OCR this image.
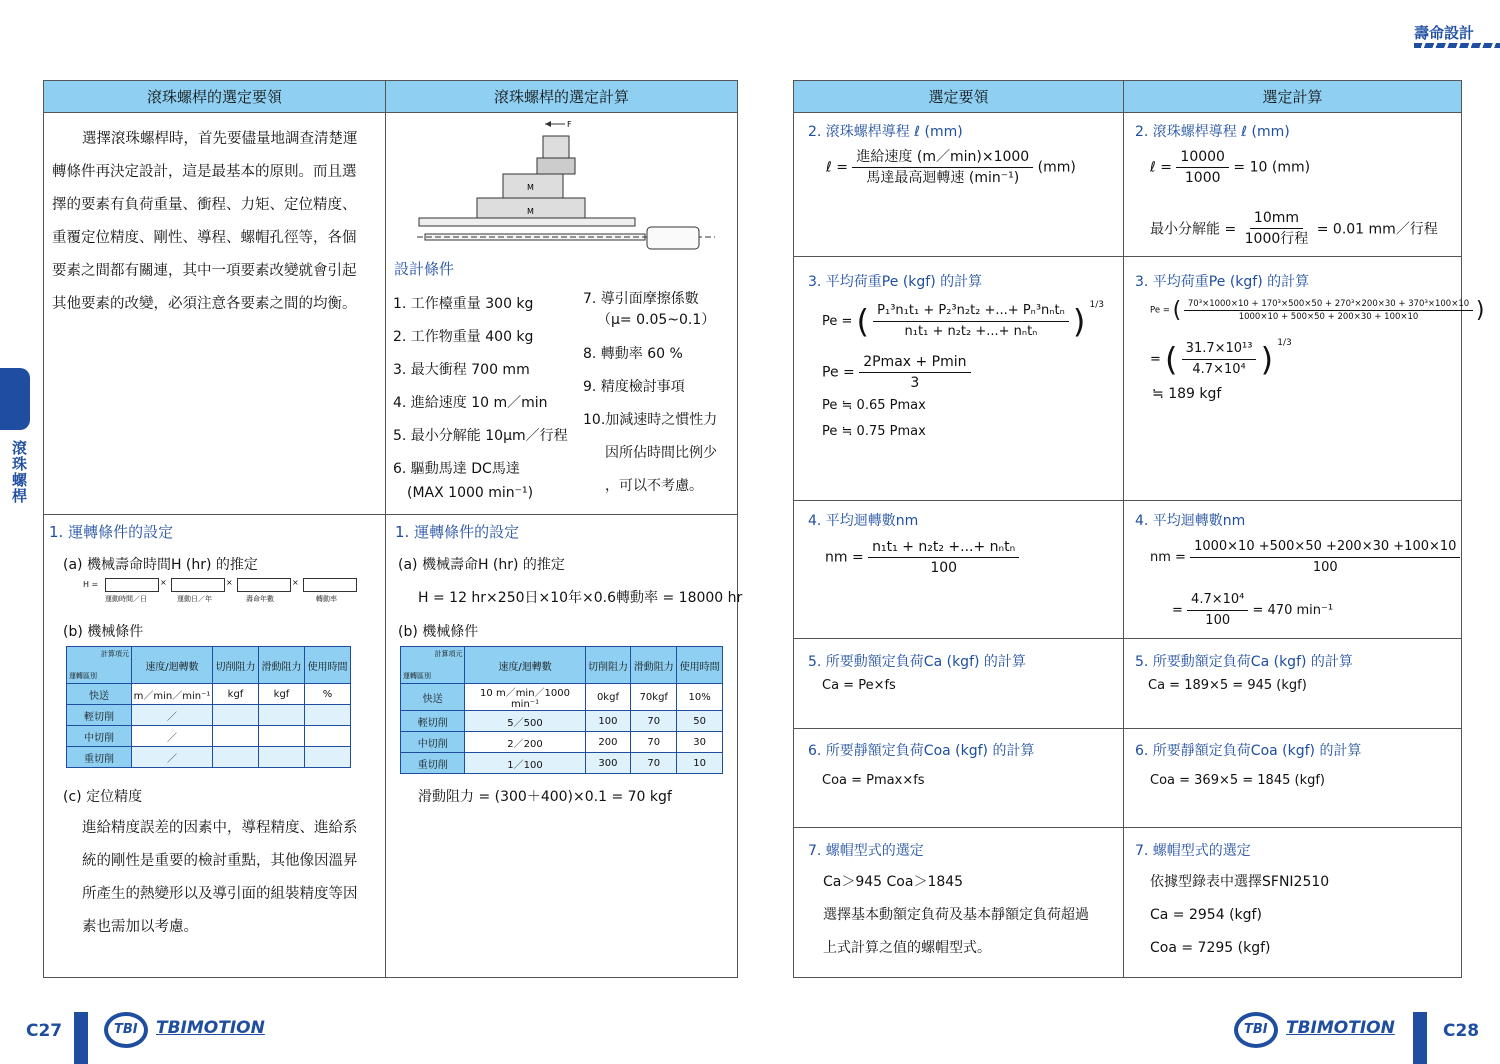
壽命設計
滾珠螺桿
滾珠螺桿的選定要領	滾珠螺桿的選定計算
選擇滾珠螺桿時，首先要儘量地調查清楚運
轉條件再決定設計，這是最基本的原則。而且選
擇的要素有負荷重量、衝程、力矩、定位精度、
重覆定位精度、剛性、導程、螺帽孔徑等，各個
要素之間都有關連，其中一項要素改變就會引起
其他要素的改變，必須注意各要素之間的均衡。
F
M
M
設計條件
1. 工作檯重量 300 kg
2. 工作物重量 400 kg
3. 最大衝程 700 mm
4. 進給速度 10 m／min
5. 最小分解能 10μm／行程
6. 驅動馬達 DC馬達
(MAX 1000 min⁻¹)
7. 導引面摩擦係數
（μ= 0.05~0.1）
8. 轉動率 60 %
9. 精度檢討事項
10.加減速時之慣性力
因所佔時間比例少
，可以不考慮。
1. 運轉條件的設定
(a) 機械壽命時間H (hr) 的推定
H =	×	×	×
運動時間／日	運動日／年	壽命年數	轉動率
(b) 機械條件
計算項元
運轉區別	速度/迴轉數	切削阻力	滑動阻力	使用時間
快送	m／min／min⁻¹	kgf	kgf	%
輕切削	／			
中切削	／			
重切削	／			
(c) 定位精度
進給精度誤差的因素中，導程精度、進給系
統的剛性是重要的檢討重點，其他像因溫昇
所產生的熱變形以及導引面的組裝精度等因
素也需加以考慮。
1. 運轉條件的設定
(a) 機械壽命H (hr) 的推定
H = 12 hr×250日×10年×0.6轉動率 = 18000 hr
(b) 機械條件
計算項元
運轉區別	速度/迴轉數	切削阻力	滑動阻力	使用時間
快送	10 m／min／1000 min⁻¹	0kgf	70kgf	10%
輕切削	5／500	100	70	50
中切削	2／200	200	70	30
重切削	1／100	300	70	10
滑動阻力 = (300＋400)×0.1 = 70 kgf
選定要領	選定計算
2. 滾珠螺桿導程 ℓ (mm)
ℓ = $\frac{\text{進給速度 (m／min)×1000}}{\text{馬達最高迴轉速 (min⁻¹)}} (mm)$
2. 滾珠螺桿導程 ℓ (mm)
ℓ = $\frac{10000}{1000} = 10$ (mm)
最小分解能 = $\frac{10mm}{\text{1000行程}} = 0.01$ mm／行程
3. 平均荷重Pe (kgf) 的計算
Pe = ( $\frac{\text{P₁³n₁t₁ + P₂³n₂t₂ +...+ Pₙ³nₙtₙ}}{\text{n₁t₁ + n₂t₂ +...+ nₙtₙ}}$ ) $^{1/3}$
$Pe = \frac{2Pmax + Pmin}{3}$
Pe ≒ 0.65 Pmax
Pe ≒ 0.75 Pmax
3. 平均荷重Pe (kgf) 的計算
Pe = ( $\frac{\text{70³×1000×10 + 170³×500×50 + 270³×200×30 + 370³×100×10}}{1000\times 10 + 500\times 50 + 200\times 30 + 100\times 10}$ )
= ( $\frac{\text{31.7×10¹³}}{\text{4.7×10⁴}}$ ) $^{1/3}$
≒ 189 kgf
4. 平均迴轉數nm
nm = $\frac{\text{n₁t₁ + n₂t₂ +...+ nₙtₙ}}{100}$
4. 平均迴轉數nm
nm = $\frac{1000\times 10 +500\times 50 +200\times 30 +100\times 10}{100}$
= $\frac{\text{4.7×10⁴}}{100} = 470$ min⁻¹
5. 所要動額定負荷Ca (kgf) 的計算
Ca = Pe×fs
5. 所要動額定負荷Ca (kgf) 的計算
Ca = 189×5 = 945 (kgf)
6. 所要靜額定負荷Coa (kgf) 的計算
Coa = Pmax×fs
6. 所要靜額定負荷Coa (kgf) 的計算
Coa = 369×5 = 1845 (kgf)
7. 螺帽型式的選定
Ca＞945 Coa＞1845
選擇基本動額定負荷及基本靜額定負荷超過
上式計算之值的螺帽型式。
7. 螺帽型式的選定
依據型錄表中選擇SFNI2510
Ca = 2954 (kgf)
Coa = 7295 (kgf)
C27	TBI TBIMOTION	TBI TBIMOTION	C28
